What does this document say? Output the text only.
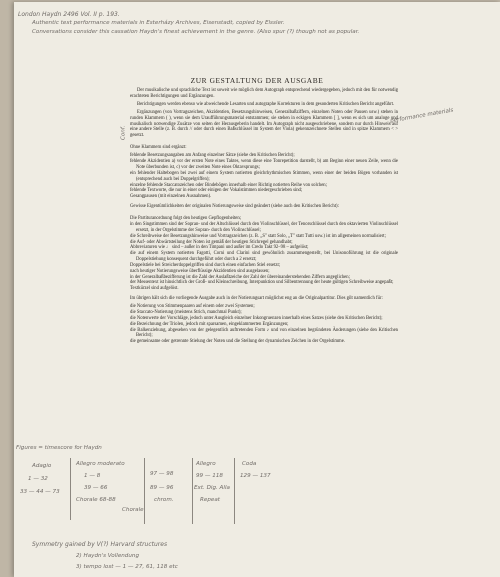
London Haydn 2496 Vol. II p. 193.
Authentic text performance materials in Esterházy Archives, Eisenstadt, copied by Elssler.
Conversations consider this cassation Haydn's finest achievement in the genre. (Also spur (?) though not as popular.
Conf.
performance materials
ZUR GESTALTUNG DER AUSGABE

Der musikalische und sprachliche Text ist soweit wie möglich dem Autograph entsprechend wiedergegeben, jedoch mit den für notwendig erachteten Berichtigungen und Ergänzungen.

Berichtigungen werden ebenso wie abweichende Lesarten und autographe Korrekturen in dem gesonderten Kritischen Bericht angeführt.

Ergänzungen (von Vortragszeichen, Akzidentien, Besetzungshinweisen, Generalbaßziffern, einzelnen Noten oder Pausen usw.) stehen in runden Klammern ( ), wenn sie dem Uraufführungsmaterial entstammen; sie stehen in eckigen Klammern [ ], wenn es sich um analoge und musikalisch notwendige Zusätze von seiten der Herausgeberin handelt. Im Autograph nicht ausgeschriebene, sondern nur durch Hinweis auf eine andere Stelle (z. B. durch // oder durch einen Baßschlüssel im System der Viola) gekennzeichnete Stellen sind in spitze Klammern < > gesetzt.

Ohne Klammern sind ergänzt:

fehlende Besetzungsangaben am Anfang einzelner Sätze (siehe den Kritischen Bericht);

fehlende Akzidentien a) vor der ersten Note eines Taktes, wenn diese eine Tonrepetition darstellt, b) am Beginn einer neuen Zeile, wenn die Note überbunden ist, c) vor der zweiten Note eines Oktavsprungs;

ein fehlender Haltebogen bei zwei auf einem System notierten gleichrhythmischen Stimmen, wenn einer der beiden Bögen vorhanden ist (entsprechend auch bei Doppelgriffen);

einzelne fehlende Staccatozeichen oder Bindebögen innerhalb einer Richtig notierten Reihe von solchen;

fehlende Textworte, die nur in einer oder einigen der Vokalstimmen niedergeschrieben sind;

Gesangpausen (mit einzelnen Ausnahmen).

Gewisse Eigentümlichkeiten der originalen Notierungsweise sind geändert (siehe auch den Kritischen Bericht):

Die Partituranordnung folgt den heutigen Gepflogenheiten;

in den Singstimmen sind der Sopran- und der Altschlüssel durch den Violinschlüssel, der Tenorschlüssel durch den oktavierten Violinschlüssel ersetzt, in der Orgelstimme der Sopran- durch den Violinschlüssel;

die Schreibweise der Besetzungshinweise und Vortragszeichen (z. B. „S" statt Solo, „T" statt Tutti usw.) ist im allgemeinen normalisiert;

die Auf- oder Abwärtsteilung der Noten ist gemäß der heutigen Stichregel gehandhabt;

Abbreviaturen wie ♩ sind – außer in den Timpani und außer im Credo Takt 92–98 – aufgelöst;

die auf einem System notierten Fagotti, Corni und Clarini sind gewöhnlich zusammengestellt, bei Unisonoführung ist die originale Doppelstiehung konsequent durchgeführt oder durch a 2 ersetzt;

Doppelstiele bei Streicherdoppelgriffen sind durch einen einfachen Stiel ersetzt;

nach heutiger Notierungsweise überflüssige Akzidentien sind ausgelassen;

in der Generalbaßbezifferung ist die Zahl der Auslaßtzeiche der Zahl der übereinanderstehenden Ziffern angeglichen;

der Messentext ist hinsichtlich der Groß- und Kleinschreibung, Interpunktion und Silbentrennung der heute gültigen Schreibweise angepaßt;

Textkürzel sind aufgelöst.

Im übrigen hält sich die vorliegende Ausgabe auch in der Notierungsart möglichst eng an die Originalpartitur. Dies gilt namentlich für:

die Notierung von Stimmenpaaren auf einem oder zwei Systemen;

die Staccato-Notierung (meistens Strich, manchmal Punkt);

die Notenwerte der Vorschläge, jedoch unter Ausgleich einzelner Inkongruenzen innerhalb eines Satzes (siehe den Kritischen Bericht);

die Bezeichnung der Triolen, jedoch mit sparsamen, eingeklammerten Ergänzungen;

die Balkenziehung, abgesehen von der gelegentlich auftretenden Form ♪ und von einzelnen begründeten Änderungen (siehe den Kritischen Bericht);

die gemeinsame oder getrennte Stielung der Noten und die Stellung der dynamischen Zeichen in der Orgelstimme.

Figures = timescore for Haydn
Adagio
1 — 32
33 — 44 — 73
Allegro moderato
1 — 8
39 — 66
Chorale 68-88
Chorale
97 — 98
89 — 96
chrom.
Allegro
99 — 118
Ext. Dig. Alla
Repeat
Coda
129 — 137
Symmetry gained by V(?) Harvard structures
2) Haydn's Vollendung
3) tempo lost — 1 — 27, 61, 118 etc
